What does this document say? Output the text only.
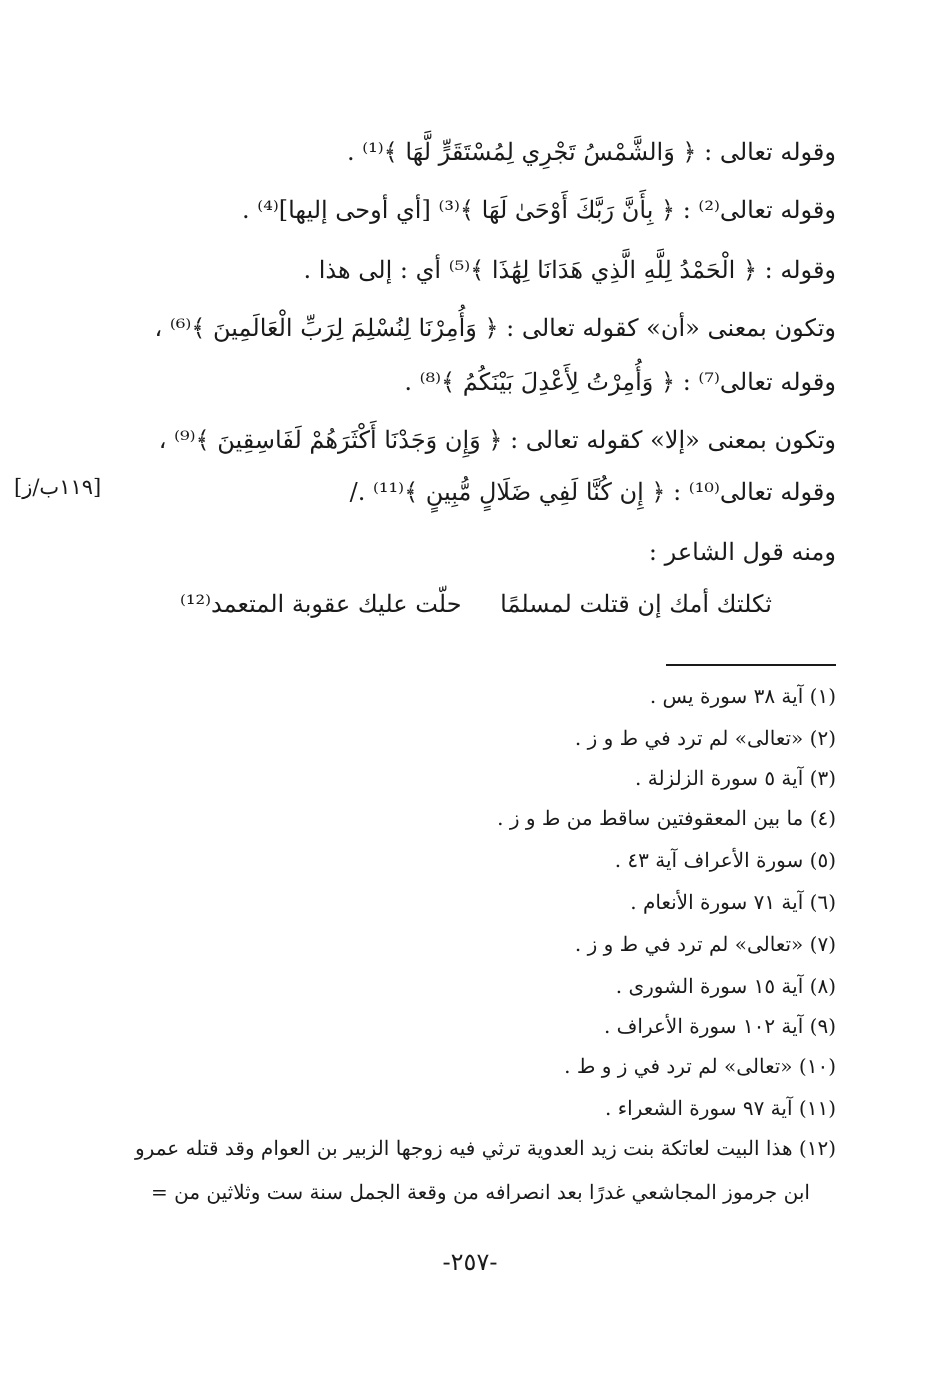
وقوله تعالى : ﴿ وَالشَّمْسُ تَجْرِي لِمُسْتَقَرٍّ لَّهَا ﴾⁽¹⁾ .
وقوله تعالى⁽²⁾ : ﴿ بِأَنَّ رَبَّكَ أَوْحَىٰ لَهَا ﴾⁽³⁾ [أي أوحى إليها]⁽⁴⁾ .
وقوله : ﴿ الْحَمْدُ لِلَّهِ الَّذِي هَدَانَا لِهَٰذَا ﴾⁽⁵⁾ أي : إلى هذا .
وتكون بمعنى «أن» كقوله تعالى : ﴿ وَأُمِرْنَا لِنُسْلِمَ لِرَبِّ الْعَالَمِينَ ﴾⁽⁶⁾ ،
وقوله تعالى⁽⁷⁾ : ﴿ وَأُمِرْتُ لِأَعْدِلَ بَيْنَكُمُ ﴾⁽⁸⁾ .
وتكون بمعنى «إلا» كقوله تعالى : ﴿ وَإِن وَجَدْنَا أَكْثَرَهُمْ لَفَاسِقِينَ ﴾⁽⁹⁾ ،
وقوله تعالى⁽¹⁰⁾ : ﴿ إِن كُنَّا لَفِي ضَلَالٍ مُّبِينٍ ﴾⁽¹¹⁾ ./
ومنه قول الشاعر :
[١١٩ب/ز]
ثكلتك أمك إن قتلت لمسلمًا
حلّت عليك عقوبة المتعمد⁽¹²⁾
(١) آية ٣٨ سورة يس .
(٢) «تعالى» لم ترد في ط و ز .
(٣) آية ٥ سورة الزلزلة .
(٤) ما بين المعقوفتين ساقط من ط و ز .
(٥) سورة الأعراف آية ٤٣ .
(٦) آية ٧١ سورة الأنعام .
(٧) «تعالى» لم ترد في ط و ز .
(٨) آية ١٥ سورة الشورى .
(٩) آية ١٠٢ سورة الأعراف .
(١٠) «تعالى» لم ترد في ز و ط .
(١١) آية ٩٧ سورة الشعراء .
(١٢) هذا البيت لعاتكة بنت زيد العدوية ترثي فيه زوجها الزبير بن العوام وقد قتله عمرو
ابن جرموز المجاشعي غدرًا بعد انصرافه من وقعة الجمل سنة ست وثلاثين من =
-٢٥٧-
